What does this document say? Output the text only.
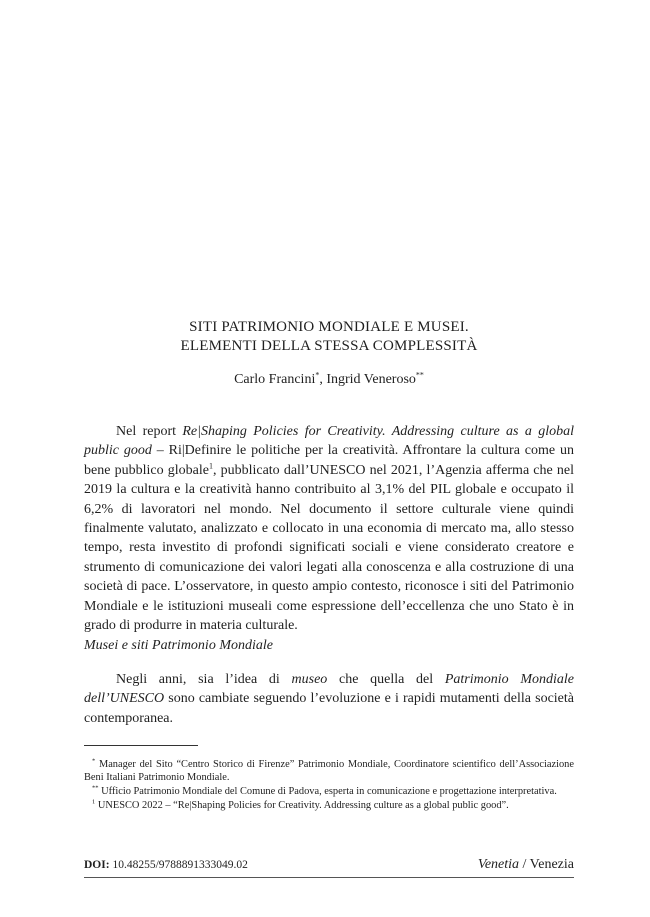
SITI PATRIMONIO MONDIALE E MUSEI.
ELEMENTI DELLA STESSA COMPLESSITÀ
Carlo Francini*, Ingrid Veneroso**

Nel report Re|Shaping Policies for Creativity. Addressing culture as a global public good – Ri|Definire le politiche per la creatività. Affrontare la cultura come un bene pubblico globale$^1$, pubblicato dall’UNESCO nel 2021, l’Agenzia afferma che nel 2019 la cultura e la creatività hanno contribuito al 3,1% del PIL globale e occupato il 6,2% di lavoratori nel mondo. Nel documento il settore culturale viene quindi finalmente valutato, analizzato e collocato in una economia di mercato ma, allo stesso tempo, resta investito di profondi significati sociali e viene considerato creatore e strumento di comunicazione dei valori legati alla conoscenza e alla costruzione di una società di pace. L’osservatore, in questo ampio contesto, riconosce i siti del Patrimonio Mondiale e le istituzioni museali come espressione dell’eccellenza che uno Stato è in grado di produrre in materia culturale.

Musei e siti Patrimonio Mondiale

Negli anni, sia l’idea di museo che quella del Patrimonio Mondiale dell’UNESCO sono cambiate seguendo l’evoluzione e i rapidi mutamenti della società contemporanea.

* Manager del Sito “Centro Storico di Firenze” Patrimonio Mondiale, Coordinatore scientifico dell’Associazione Beni Italiani Patrimonio Mondiale.
** Ufficio Patrimonio Mondiale del Comune di Padova, esperta in comunicazione e progettazione interpretativa.
$^1$ UNESCO 2022 – “Re|Shaping Policies for Creativity. Addressing culture as a global public good”.
DOI: 10.48255/9788891333049.02	Venetia / Venezia
